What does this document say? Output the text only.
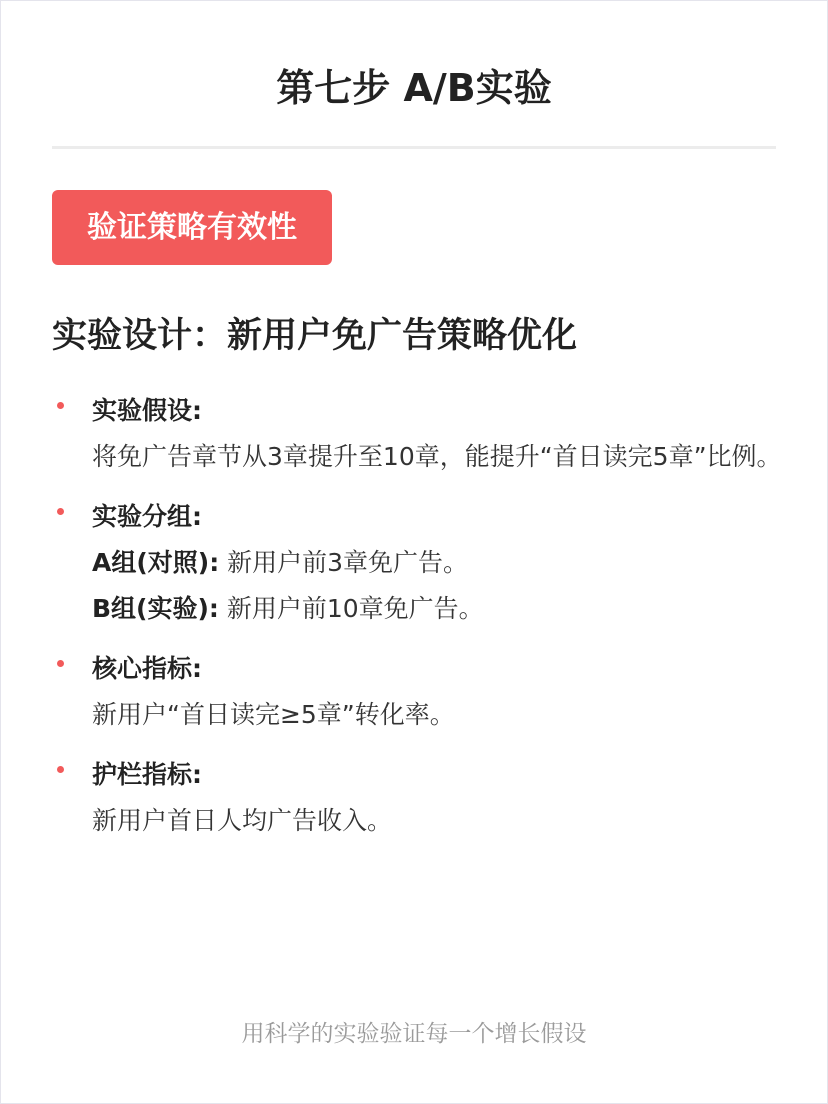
第七步 A/B实验
验证策略有效性
实验设计：新用户免广告策略优化
实验假设:
将免广告章节从3章提升至10章，能提升“首日读完5章”比例。
实验分组:
A组(对照): 新用户前3章免广告。
B组(实验): 新用户前10章免广告。
核心指标:
新用户“首日读完≥5章”转化率。
护栏指标:
新用户首日人均广告收入。
用科学的实验验证每一个增长假设
